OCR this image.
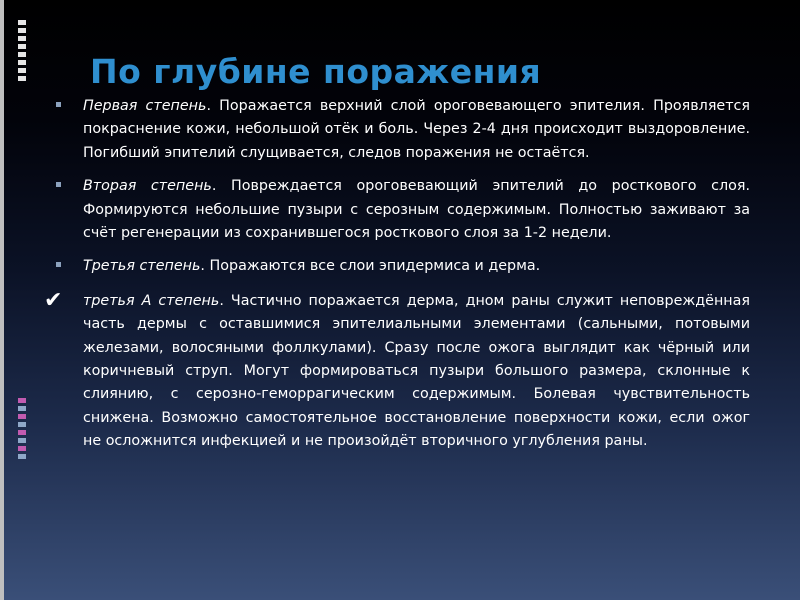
По глубине поражения

Первая степень. Поражается верхний слой ороговевающего эпителия. Проявляется покраснение кожи, небольшой отёк и боль. Через 2-4 дня происходит выздоровление. Погибший эпителий слущивается, следов поражения не остаётся.

Вторая степень. Повреждается ороговевающий эпителий до росткового слоя. Формируются небольшие пузыри с серозным содержимым. Полностью заживают за счёт регенерации из сохранившегося росткового слоя за 1-2 недели.

Третья степень. Поражаются все слои эпидермиса и дерма.

✔ третья А степень. Частично поражается дерма, дном раны служит неповреждённая часть дермы с оставшимися эпителиальными элементами (сальными, потовыми железами, волосяными фоллкулами). Сразу после ожога выглядит как чёрный или коричневый струп. Могут формироваться пузыри большого размера, склонные к слиянию, с серозно-геморрагическим содержимым. Болевая чувствительность снижена. Возможно самостоятельное восстановление поверхности кожи, если ожог не осложнится инфекцией и не произойдёт вторичного углубления раны.
